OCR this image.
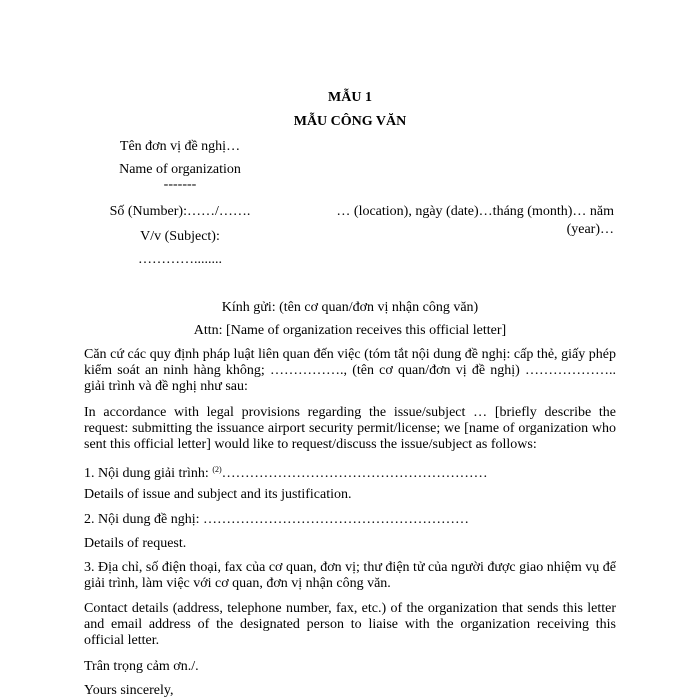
MẪU 1
MẪU CÔNG VĂN
Tên đơn vị đề nghị…
Name of organization
-------
Số (Number):……/…….
V/v (Subject):
…………........
… (location), ngày (date)…tháng (month)… năm
(year)…
Kính gửi: (tên cơ quan/đơn vị nhận công văn)
Attn: [Name of organization receives this official letter]
Căn cứ các quy định pháp luật liên quan đến việc (tóm tắt nội dung đề nghị: cấp thẻ, giấy phép kiểm soát an ninh hàng không; ……………., (tên cơ quan/đơn vị đề nghị) ……………….. giải trình và đề nghị như sau:
In accordance with legal provisions regarding the issue/subject … [briefly describe the request: submitting the issuance airport security permit/license; we [name of organization who sent this official letter] would like to request/discuss the issue/subject as follows:
1. Nội dung giải trình: $^{(2)}$…………………………………………………
Details of issue and subject and its justification.
2. Nội dung đề nghị: …………………………………………………
Details of request.
3. Địa chỉ, số điện thoại, fax của cơ quan, đơn vị; thư điện tử của người được giao nhiệm vụ để giải trình, làm việc với cơ quan, đơn vị nhận công văn.
Contact details (address, telephone number, fax, etc.) of the organization that sends this letter and email address of the designated person to liaise with the organization receiving this official letter.
Trân trọng cảm ơn./.
Yours sincerely,
